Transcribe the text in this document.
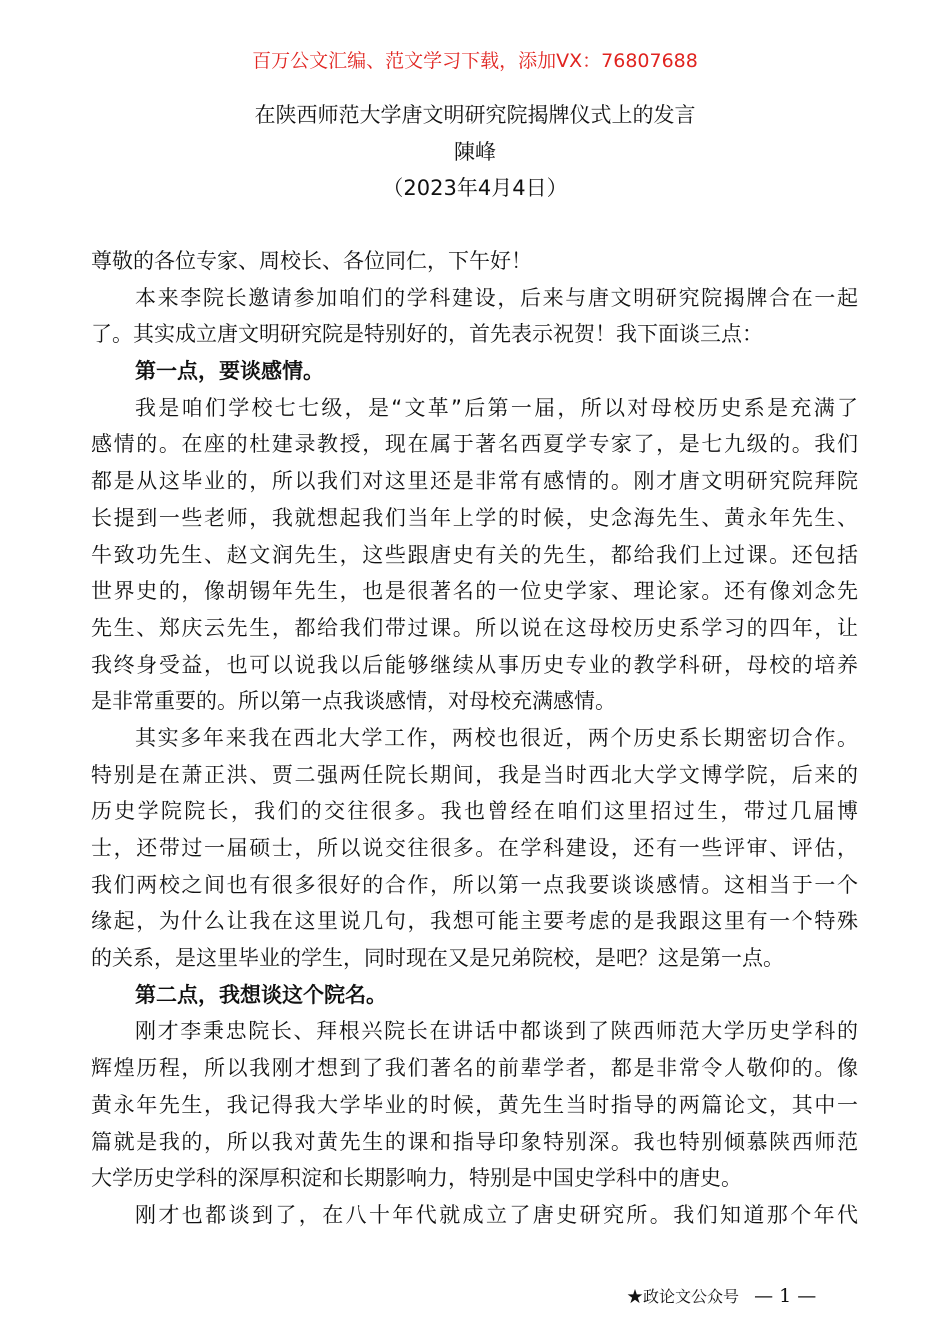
百万公文汇编、范文学习下载，添加VX：76807688
在陕西师范大学唐文明研究院揭牌仪式上的发言
陳峰
（2023年4月4日）
尊敬的各位专家、周校长、各位同仁，下午好！
本来李院长邀请参加咱们的学科建设，后来与唐文明研究院揭牌合在一起
了。其实成立唐文明研究院是特别好的，首先表示祝贺！我下面谈三点：
第一点，要谈感情。
我是咱们学校七七级，是“文革”后第一届，所以对母校历史系是充满了
感情的。在座的杜建录教授，现在属于著名西夏学专家了，是七九级的。我们
都是从这毕业的，所以我们对这里还是非常有感情的。刚才唐文明研究院拜院
长提到一些老师，我就想起我们当年上学的时候，史念海先生、黄永年先生、
牛致功先生、赵文润先生，这些跟唐史有关的先生，都给我们上过课。还包括
世界史的，像胡锡年先生，也是很著名的一位史学家、理论家。还有像刘念先
先生、郑庆云先生，都给我们带过课。所以说在这母校历史系学习的四年，让
我终身受益，也可以说我以后能够继续从事历史专业的教学科研，母校的培养
是非常重要的。所以第一点我谈感情，对母校充满感情。
其实多年来我在西北大学工作，两校也很近，两个历史系长期密切合作。
特别是在萧正洪、贾二强两任院长期间，我是当时西北大学文博学院，后来的
历史学院院长，我们的交往很多。我也曾经在咱们这里招过生，带过几届博
士，还带过一届硕士，所以说交往很多。在学科建设，还有一些评审、评估，
我们两校之间也有很多很好的合作，所以第一点我要谈谈感情。这相当于一个
缘起，为什么让我在这里说几句，我想可能主要考虑的是我跟这里有一个特殊
的关系，是这里毕业的学生，同时现在又是兄弟院校，是吧？这是第一点。
第二点，我想谈这个院名。
刚才李秉忠院长、拜根兴院长在讲话中都谈到了陕西师范大学历史学科的
辉煌历程，所以我刚才想到了我们著名的前辈学者，都是非常令人敬仰的。像
黄永年先生，我记得我大学毕业的时候，黄先生当时指导的两篇论文，其中一
篇就是我的，所以我对黄先生的课和指导印象特别深。我也特别倾慕陕西师范
大学历史学科的深厚积淀和长期影响力，特别是中国史学科中的唐史。
刚才也都谈到了，在八十年代就成立了唐史研究所。我们知道那个年代
★政论文公众号 — 1 —
